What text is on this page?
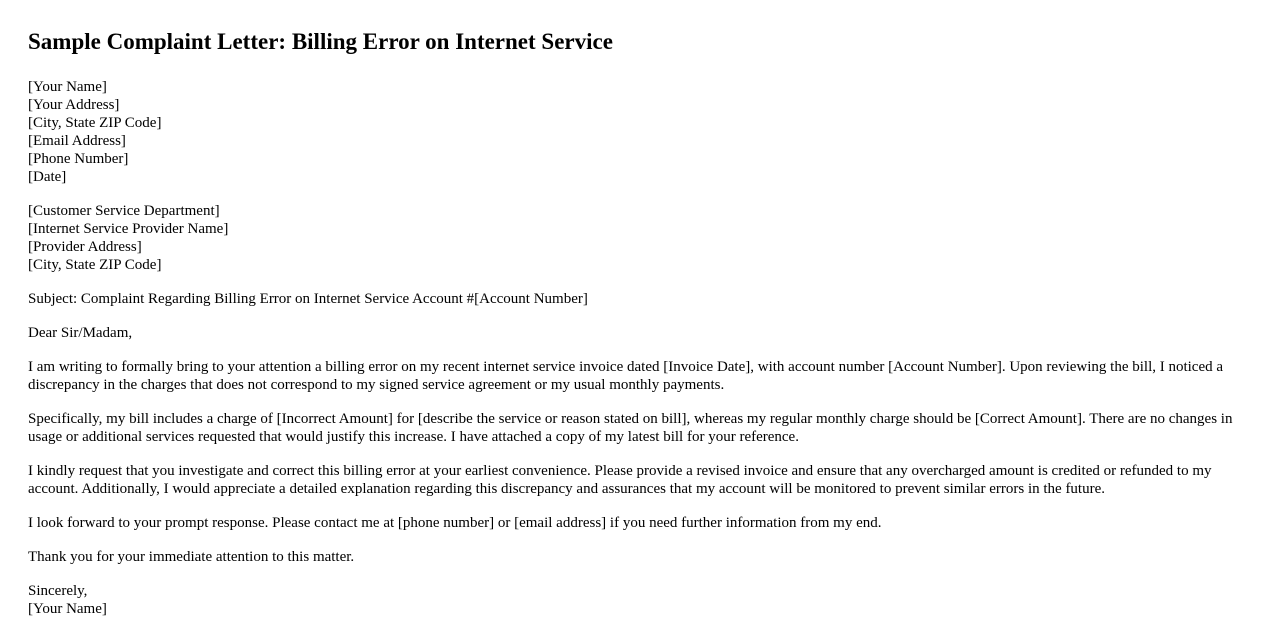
Sample Complaint Letter: Billing Error on Internet Service
[Your Name]
[Your Address]
[City, State ZIP Code]
[Email Address]
[Phone Number]
[Date]
[Customer Service Department]
[Internet Service Provider Name]
[Provider Address]
[City, State ZIP Code]

Subject: Complaint Regarding Billing Error on Internet Service Account #[Account Number]

Dear Sir/Madam,

I am writing to formally bring to your attention a billing error on my recent internet service invoice dated [Invoice Date], with account number [Account Number]. Upon reviewing the bill, I noticed a discrepancy in the charges that does not correspond to my signed service agreement or my usual monthly payments.

Specifically, my bill includes a charge of [Incorrect Amount] for [describe the service or reason stated on bill], whereas my regular monthly charge should be [Correct Amount]. There are no changes in usage or additional services requested that would justify this increase. I have attached a copy of my latest bill for your reference.

I kindly request that you investigate and correct this billing error at your earliest convenience. Please provide a revised invoice and ensure that any overcharged amount is credited or refunded to my account. Additionally, I would appreciate a detailed explanation regarding this discrepancy and assurances that my account will be monitored to prevent similar errors in the future.

I look forward to your prompt response. Please contact me at [phone number] or [email address] if you need further information from my end.

Thank you for your immediate attention to this matter.

Sincerely,
[Your Name]
